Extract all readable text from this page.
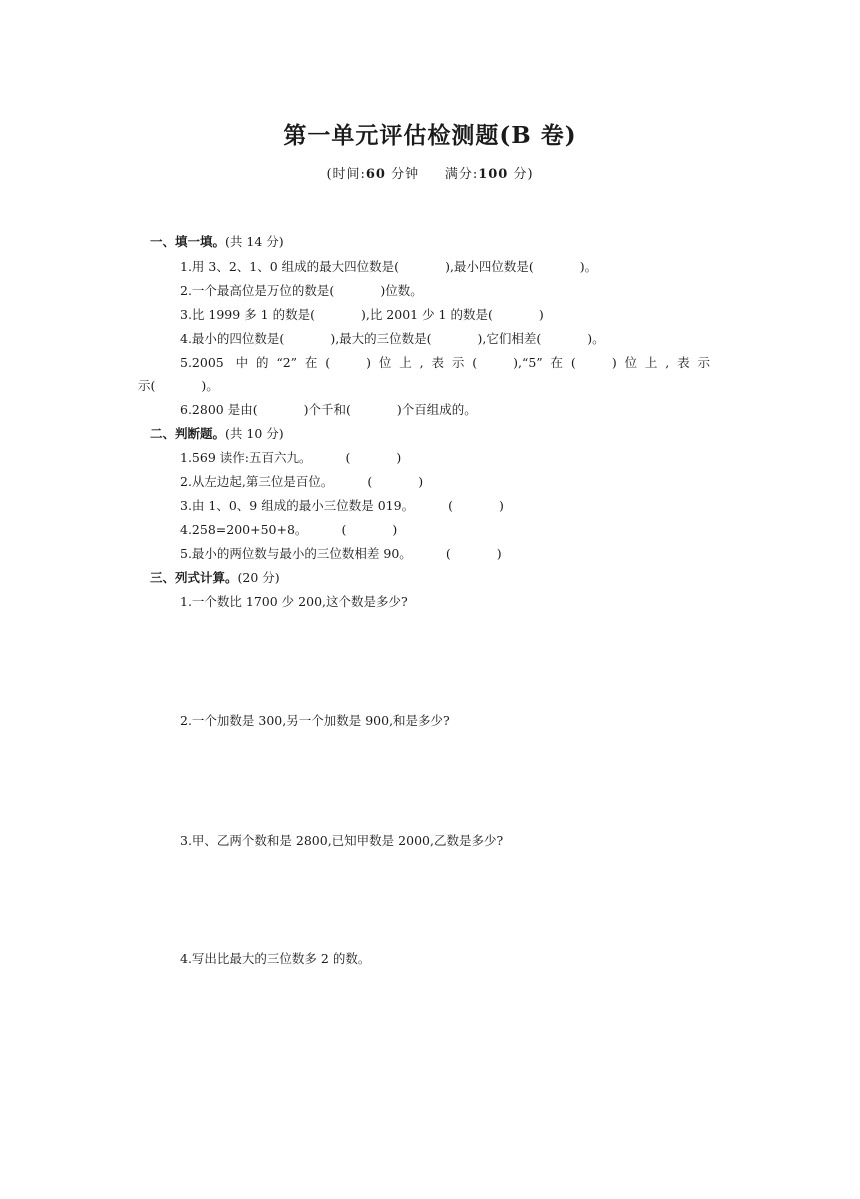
第一单元评估检测题(B 卷)
(时间:60 分钟 满分:100 分)
一、填一填。(共 14 分)
1.用 3、2、1、0 组成的最大四位数是(	),最小四位数是(	)。
2.一个最高位是万位的数是(	)位数。
3.比 1999 多 1 的数是(	),比 2001 少 1 的数是(	)
4.最小的四位数是(	),最大的三位数是(	),它们相差(	)。
5.2005 中的“2”在(	)位上,表示(	),“5”在(	)位上,表示
示(	)。
6.2800 是由(	)个千和(	)个百组成的。
二、判断题。(共 10 分)
1.569 读作:五百六九。	(	)
2.从左边起,第三位是百位。	(	)
3.由 1、0、9 组成的最小三位数是 019。	(	)
4.258=200+50+8。	(	)
5.最小的两位数与最小的三位数相差 90。	(	)
三、列式计算。(20 分)
1.一个数比 1700 少 200,这个数是多少?
2.一个加数是 300,另一个加数是 900,和是多少?
3.甲、乙两个数和是 2800,已知甲数是 2000,乙数是多少?
4.写出比最大的三位数多 2 的数。
